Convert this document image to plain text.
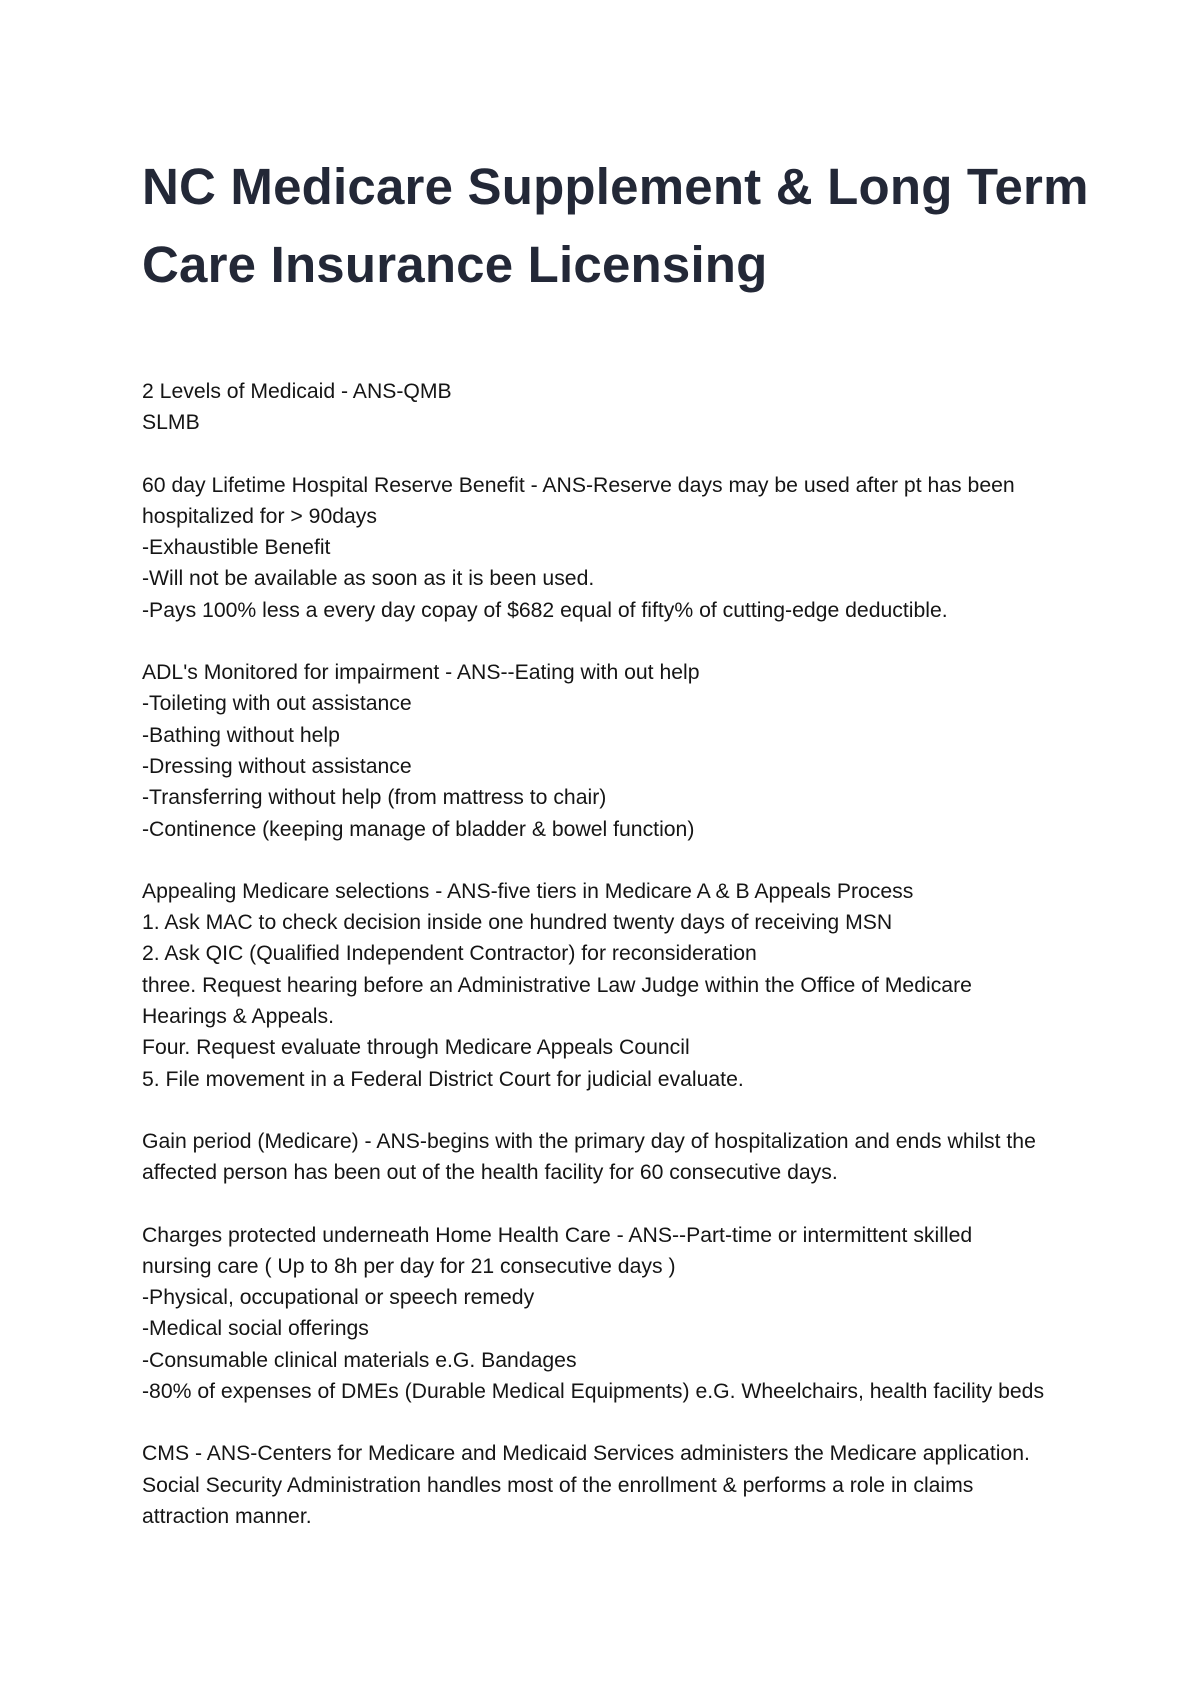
NC Medicare Supplement & Long Term
Care Insurance Licensing
2 Levels of Medicaid - ANS-QMB
SLMB
60 day Lifetime Hospital Reserve Benefit - ANS-Reserve days may be used after pt has been
hospitalized for > 90days
-Exhaustible Benefit
-Will not be available as soon as it is been used.
-Pays 100% less a every day copay of $682 equal of fifty% of cutting-edge deductible.
ADL's Monitored for impairment - ANS--Eating with out help
-Toileting with out assistance
-Bathing without help
-Dressing without assistance
-Transferring without help (from mattress to chair)
-Continence (keeping manage of bladder & bowel function)
Appealing Medicare selections - ANS-five tiers in Medicare A & B Appeals Process
1. Ask MAC to check decision inside one hundred twenty days of receiving MSN
2. Ask QIC (Qualified Independent Contractor) for reconsideration
three. Request hearing before an Administrative Law Judge within the Office of Medicare
Hearings & Appeals.
Four. Request evaluate through Medicare Appeals Council
5. File movement in a Federal District Court for judicial evaluate.
Gain period (Medicare) - ANS-begins with the primary day of hospitalization and ends whilst the
affected person has been out of the health facility for 60 consecutive days.
Charges protected underneath Home Health Care - ANS--Part-time or intermittent skilled
nursing care ( Up to 8h per day for 21 consecutive days )
-Physical, occupational or speech remedy
-Medical social offerings
-Consumable clinical materials e.G. Bandages
-80% of expenses of DMEs (Durable Medical Equipments) e.G. Wheelchairs, health facility beds
CMS - ANS-Centers for Medicare and Medicaid Services administers the Medicare application.
Social Security Administration handles most of the enrollment & performs a role in claims
attraction manner.
